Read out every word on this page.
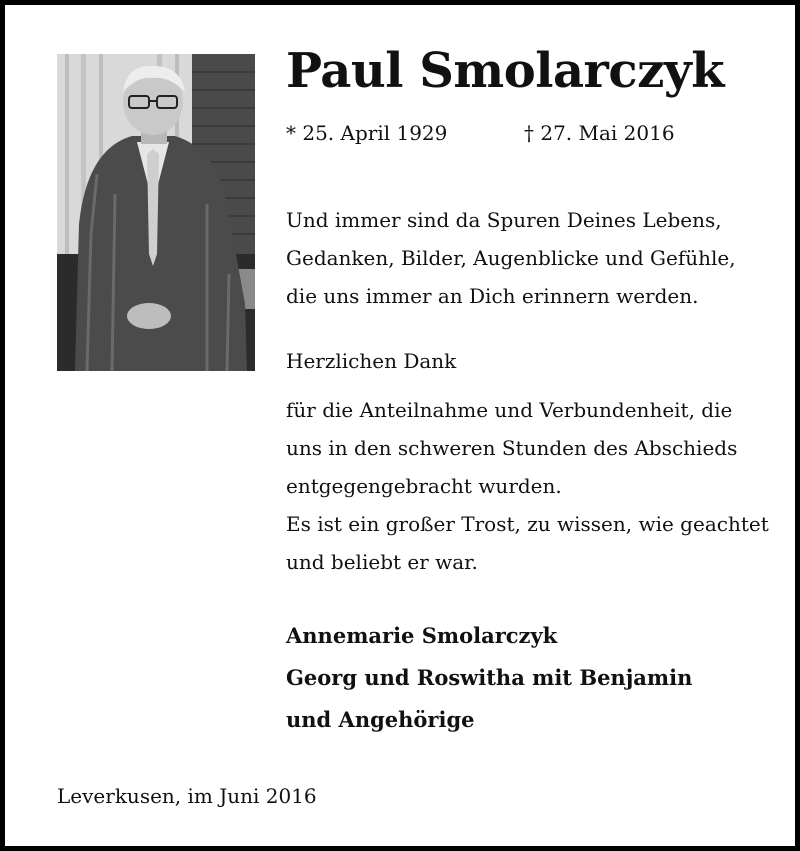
Paul Smolarczyk
* 25. April 1929	† 27. Mai 2016
Und immer sind da Spuren Deines Lebens,
Gedanken, Bilder, Augenblicke und Gefühle,
die uns immer an Dich erinnern werden.
Herzlichen Dank
für die Anteilnahme und Verbundenheit, die
uns in den schweren Stunden des Abschieds
entgegengebracht wurden.
Es ist ein großer Trost, zu wissen, wie geachtet
und beliebt er war.
Annemarie Smolarczyk
Georg und Roswitha mit Benjamin
und Angehörige
Leverkusen, im Juni 2016
